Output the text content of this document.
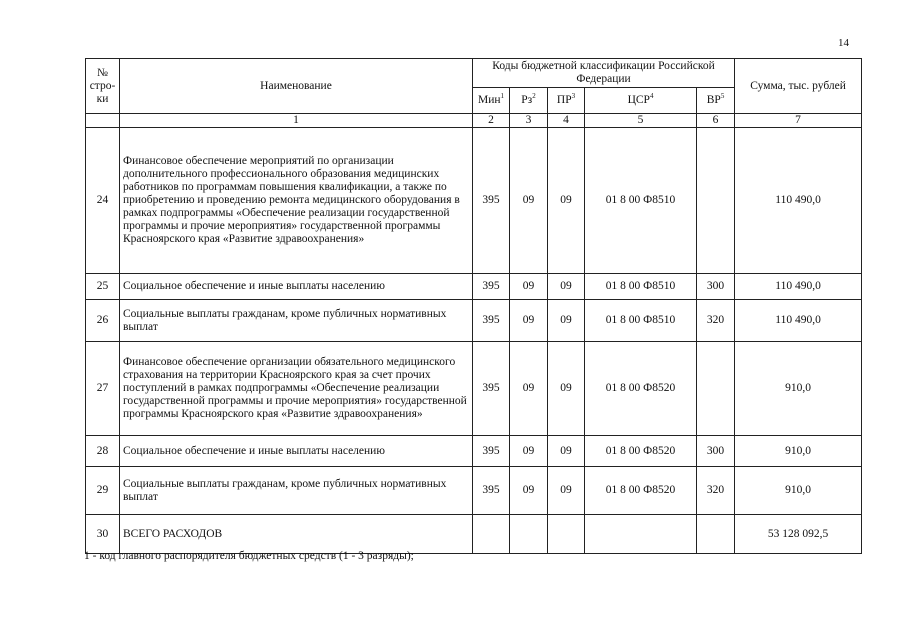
14
№ стро- ки	Наименование	Коды бюджетной классификации Российской Федерации					Сумма, тыс. рублей
		Мин$^1$	$Рз^2$	$ПР^3$	ЦСР$^4$	$ВР^5$
	1	2	3	4	5	6	7
24	Финансовое обеспечение мероприятий по организации дополнительного профессионального образования медицинских работников по программам повышения квалификации, а также по приобретению и проведению ремонта медицинского оборудования в рамках подпрограммы «Обеспечение реализации государственной программы и прочие мероприятия» государственной программы Красноярского края «Развитие здравоохранения»	395	09	09	01 8 00 Ф8510		110 490,0
25	Социальное обеспечение и иные выплаты населению	395	09	09	01 8 00 Ф8510	300	110 490,0
26	Социальные выплаты гражданам, кроме публичных нормативных выплат	395	09	09	01 8 00 Ф8510	320	110 490,0
27	Финансовое обеспечение организации обязательного медицинского страхования на территории Красноярского края за счет прочих поступлений в рамках подпрограммы «Обеспечение реализации государственной программы и прочие мероприятия» государственной программы Красноярского края «Развитие здравоохранения»	395	09	09	01 8 00 Ф8520		910,0
28	Социальное обеспечение и иные выплаты населению	395	09	09	01 8 00 Ф8520	300	910,0
29	Социальные выплаты гражданам, кроме публичных нормативных выплат	395	09	09	01 8 00 Ф8520	320	910,0
30	ВСЕГО РАСХОДОВ						53 128 092,5
1 - код главного распорядителя бюджетных средств (1 - 3 разряды);
